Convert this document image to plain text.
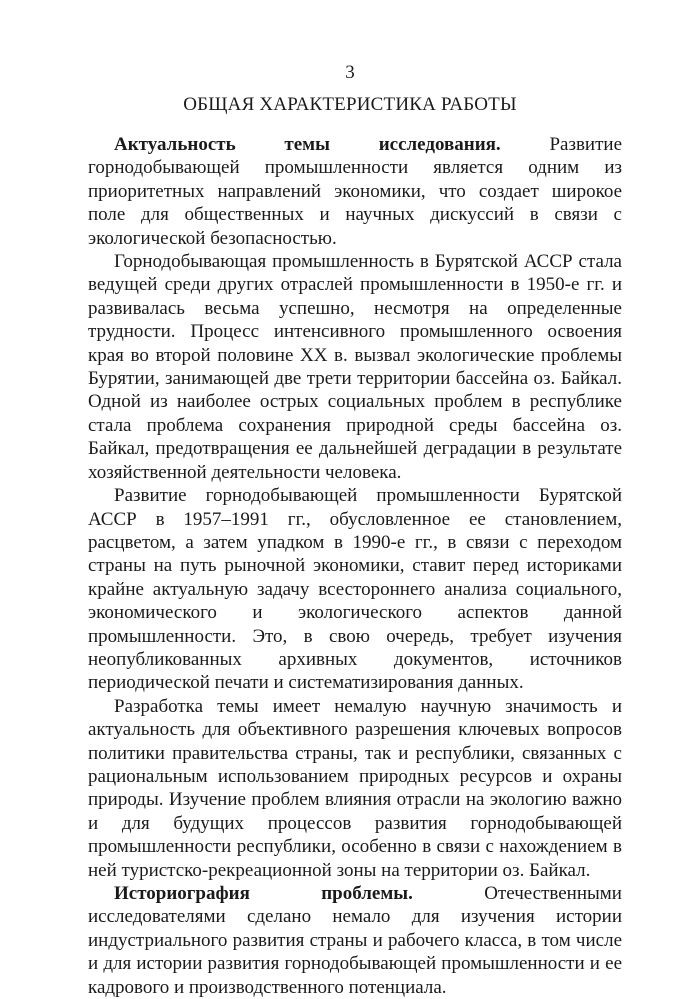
3
ОБЩАЯ ХАРАКТЕРИСТИКА РАБОТЫ

Актуальность темы исследования. Развитие горнодобывающей промышленности является одним из приоритетных направлений экономики, что создает широкое поле для общественных и научных дискуссий в связи с экологической безопасностью.

Горнодобывающая промышленность в Бурятской АССР стала ведущей среди других отраслей промышленности в 1950-е гг. и развивалась весьма успешно, несмотря на определенные трудности. Процесс интенсивного промышленного освоения края во второй половине XX в. вызвал экологические проблемы Бурятии, занимающей две трети территории бассейна оз. Байкал. Одной из наиболее острых социальных проблем в республике стала проблема сохранения природной среды бассейна оз. Байкал, предотвращения ее дальнейшей деградации в результате хозяйственной деятельности человека.

Развитие горнодобывающей промышленности Бурятской АССР в 1957–1991 гг., обусловленное ее становлением, расцветом, а затем упадком в 1990-е гг., в связи с переходом страны на путь рыночной экономики, ставит перед историками крайне актуальную задачу всестороннего анализа социального, экономического и экологического аспектов данной промышленности. Это, в свою очередь, требует изучения неопубликованных архивных документов, источников периодической печати и систематизирования данных.

Разработка темы имеет немалую научную значимость и актуальность для объективного разрешения ключевых вопросов политики правительства страны, так и республики, связанных с рациональным использованием природных ресурсов и охраны природы. Изучение проблем влияния отрасли на экологию важно и для будущих процессов развития горнодобывающей промышленности республики, особенно в связи с нахождением в ней туристско-рекреационной зоны на территории оз. Байкал.

Историография проблемы. Отечественными исследователями сделано немало для изучения истории индустриального развития страны и рабочего класса, в том числе и для истории развития горнодобывающей промышленности и ее кадрового и производственного потенциала.
